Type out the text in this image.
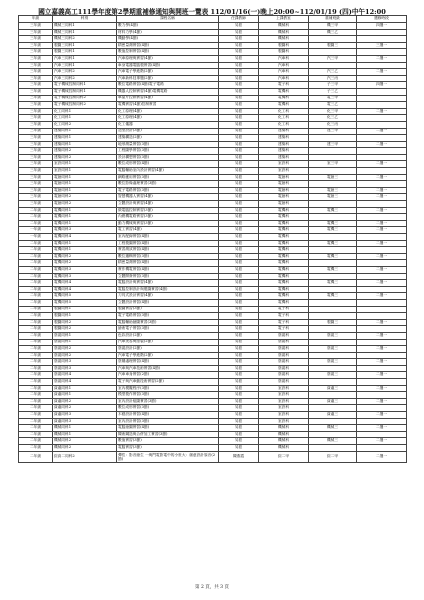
國立嘉義高工111學年度第2學期重補修通知與開班一覽表 112/01/16(一)晚上20:00~112/01/19 (四)中午12:00
年級	科別	課程名稱	任課教師	上課教室	重補班級	選修時段
三年級	機械三同科1	數力學(4節)	另派	機械科	機三甲	四選一
三年級	機械三同科1	材料力學(4節)	另派	機械科	機三乙	
三年級	機械三同科2	機動學(4節)	另派	機械科		
三年級	製圖三同科1	精密量測實習(4節)	另派	製圖科	製圖三	三選一
三年級	製圖三同科1	數值控制實習(4節)	另派	製圖科		
三年級	汽車三同科1	汽車原理與實習(4節)	另派	汽車科	汽三甲	二選一
三年級	汽車三同科1	車身電器電腦製實習(4節)	另派	汽車科		
三年級	汽車三同科2	汽車電子學進階(2節)	另派	汽車科	汽三乙	二選一
三年級	汽車三同科2	汽車新科技專題(2節)	另派	汽車科	汽三丙	
三年級	電子機械控制同科1	數位電路實習(4節)電子電路	另派	電子科	子三甲	四選一
三年級	電子機械控制同科1	機器人控制實習(4節)電機電路	另派	電機科	子三乙	
三年級	電子機械控制同科2	單晶片控制實習(4節)	另派	電機科	電三甲	
三年級	電子機械控制同科2	電機實習(4節)控制實習	另派	電機科	電三乙	
三年級	化工同科1	化工原理(4節)	另派	化工科	化三甲	二選一
三年級	化工同科1	化工原理(4節)	另派	化工科	化三乙	
三年級	化工同科2	化工儀器	另派	化工科	化三丙	
三年級	建築同科1	造型設計(3節)	另派	建築科	建三甲	二選一
三年級	建築同科1	建築構造(2節)	另派	建築科		
三年級	建築同科1	地形測量實習(3節)	另派	建築科	建三甲	二選一
三年級	建築同科2	工程圖學實習(3節)	另派	建築科		
三年級	建築同科2	設計構想實習(3節)	另派	建築科		
三年級	室設同科1	數位成形實習(4節)	另派	室設科	室三甲	二選一
三年級	室設同科1	電腦輔助室內設計實習(4節)	另派	室設科		
三年級	電繪同科1	網路應用實習(3節)	另派	電繪科	電繪三	二選一
三年級	電繪同科1	數位影像處理實習(3節)	另派	電繪科		
三年級	電繪同科1	電子電路實習(3節)	另派	電繪科	電繪三	二選一
三年級	電繪同科2	智慧機器人實習(4節)	另派	電繪科	電繪三	二選一
三年級	電繪同科2	立體設計與實習(4節)	另派	電繪科		
二年級	電機同科1	微電腦控制實習(3節)	另派	電機科	電機三	二選一
二年級	電機同科1	內燃機電路實習(3節)	另派	電機科		
二年級	電機同科1	動力機械與實習(3節)	另派	電機科	電機三	二選一
一年級	電機同科3	電工實習(4節)	另派	電機科	電機三	二選一
一年級	電機同科4	室內配線實習(4節)	另派	電機科		
二年級	電機同科1	工程製圖實習(4節)	另派	電機科	電機三	二選一
二年級	電機同科1	實習測試實習(4節)	另派	電機科		
二年級	電機同科2	數位邏輯實習(3節)	另派	電機科	電機三	二選一
二年級	電機同科2	精密量測實習(4節)	另派	電機科		
二年級	電機同科3	實作機電實習(4節)	另派	電機科	電機三	二選一
二年級	電機同科3	立體開發實習(3節)	另派	電機科		
二年級	電機同科4	電腦設計與實習(4節)	另派	電機科	電機三	二選一
二年級	電機同科4	電腦控制設計與製圖實習(4節)	另派	電機科		
二年級	電機同科5	刀具式設計實習(4節)	另派	電機科	電機三	二選一
二年級	電機同科5	立體設計實習(4節)	另派	電機科		
二年級	製圖同科1	製圖實習(3節)	另派	電子科		
二年級	製圖同科1	電子電路實習(3節)	另派	電子科		
二年級	製圖同科2	電腦輔助繪圖實習(3節)	另派	電子科	製圖三	二選一
二年級	製圖同科2	繪術電子實習(3節)	另派	電子科		
二年級	塗裝同科1	色彩設計(2節)	另派	塗裝科	塗裝三	二選一
二年級	塗裝同科1	汽車美容與塗裝(2節)	另派	塗裝科		
二年級	塗裝同科2	塗裝設計(2節)	另派	塗裝科	塗裝三	二選一
二年級	塗裝同科2	汽車電子學進階(2節)	另派	塗裝科		
二年級	塗裝同科3	塗層處理實習(4節)	另派	塗裝科	塗裝三	二選一
二年級	塗裝同科3	汽車與汽車技術實習(4節)	另派	塗裝科		
二年級	塗裝同科4	汽車車身實習(2節)	另派	塗裝科	塗裝三	二選一
二年級	塗裝同科4	電子與汽車動技術實習(2節)	另派	塗裝科		
二年級	資處同科1	室內模擬程序(3節)	另派	室設科	資處三	二選一
二年級	資處同科1	模型製作實習(3節)	另派	室設科		
二年級	資處同科2	室內設計組圖實習(3節)	另派	室設科	資處三	二選一
二年級	資處同科2	數位成形實習(3節)	另派	室設科		
二年級	資處同科3	木藝設計實習(4節)	另派	室設科	資處三	二選一
二年級	資處同科3	室內設計實習(3節)	另派	室設科		
二年級	機械同科1	電腦繪圖實習(4節)	另派	機械科	機械三	二選一
二年級	機械同科1	陳術鋼造與合併加工實習(3節)	另派	機械科		
二年級	機械同科2	數值實習(3節)	另派	機械科	機械三	二選一
二年級	機械同科2	電腦實習(3節)	另派	機械科		
二年級	綜高二同科2	彈性：影音繪生 一與門電影電中的小世大：創意設計原音(2節)	陳燕霞	綜二甲	綜二甲	二選一
第 2 頁，共 3 頁
